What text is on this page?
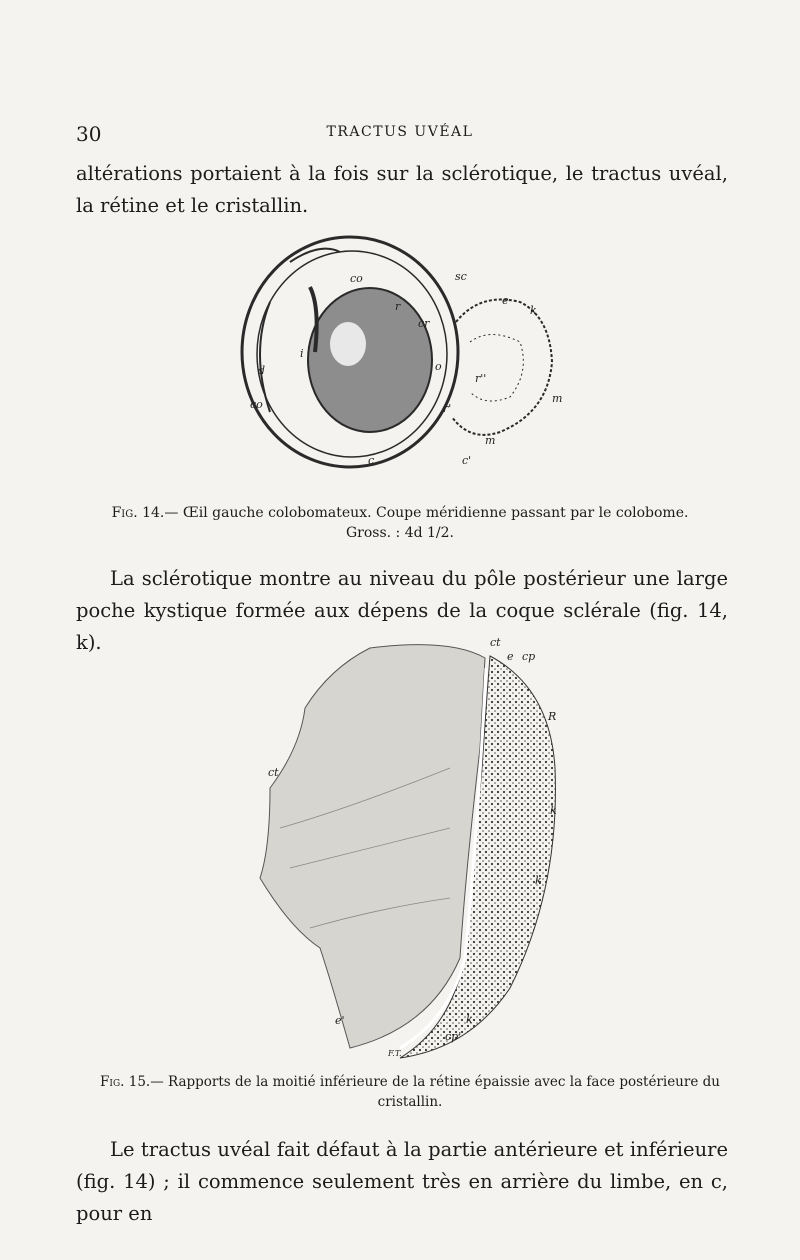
30	TRACTUS UVÉAL

altérations portaient à la fois sur la sclérotique, le tractus uvéal, la rétine et le cristallin.

co	sc
r
cr
e
k
i
d
co
o
r''
m
r'
m
c	c'

Fig. 14.— Œil gauche colobomateux. Coupe méridienne passant par le colobome. Gross. : 4d 1/2.

La sclérotique montre au niveau du pôle postérieur une large poche kystique formée aux dépens de la coque sclérale (fig. 14, k).	ct
e cp
R
ct
k
k
e'	k
cp'
F.T.

Fig. 15.— Rapports de la moitié inférieure de la rétine épaissie avec la face postérieure du cristallin.

Le tractus uvéal fait défaut à la partie antérieure et inférieure (fig. 14) ; il commence seulement très en arrière du limbe, en c, pour en
